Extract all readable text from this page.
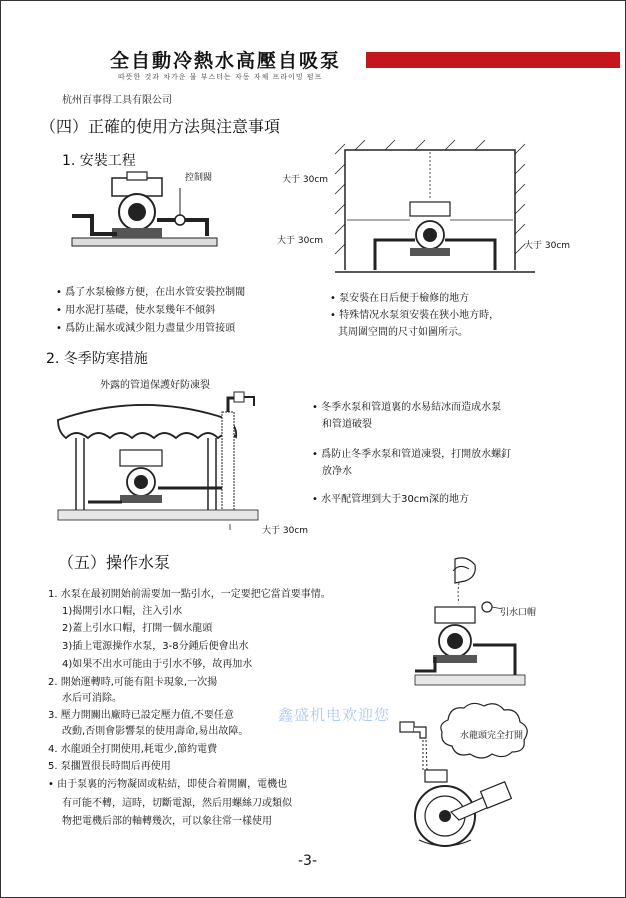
全自動冷熱水高壓自吸泵
따뜻한 것과 차가운 물 부스터는 자동 자체 프라이밍 펌프
杭州百事得工具有限公司
（四）正確的使用方法與注意事項
1. 安裝工程
控制閥	大于 30cm
大于 30cm	大于 30cm
• 爲了水泵檢修方便，在出水管安裝控制閥
• 用水泥打基礎，使水泵幾年不傾斜
• 爲防止漏水或減少阻力盡量少用管接頭
• 泵安裝在日后便于檢修的地方
• 特殊情况水泵須安裝在狹小地方時，
其周圍空間的尺寸如圖所示。
2. 冬季防寒措施
外露的管道保護好防凍裂
大于 30cm
• 冬季水泵和管道裏的水易結冰而造成水泵
和管道破裂
• 爲防止冬季水泵和管道凍裂，打開放水螺釘
放净水
• 水平配管埋到大于30cm深的地方
（五）操作水泵
1. 水泵在最初開始前需要加一點引水，一定要把它當首要事情。
1)揭開引水口帽，注入引水
2)蓋上引水口帽，打開一個水龍頭
3)插上電源操作水泵，3-8分鍾后便會出水
4)如果不出水可能由于引水不够，故再加水
2. 開始運轉時,可能有阻卡現象,一次揚
水后可消除。
3. 壓力開關出廠時已設定壓力值,不要任意
改動,否則會影響泵的使用壽命,易出故障。
4. 水龍頭全打開使用,耗電少,節約電費
5. 泵擱置很長時間后再使用
• 由于泵裏的污物凝固或粘結，即使合着開關，電機也
有可能不轉，這時，切斷電源，然后用螺絲刀或類似
物把電機后部的軸轉幾次，可以象往常一樣使用
引水口帽
水龍頭完全打開
鑫盛机电欢迎您
-3-
